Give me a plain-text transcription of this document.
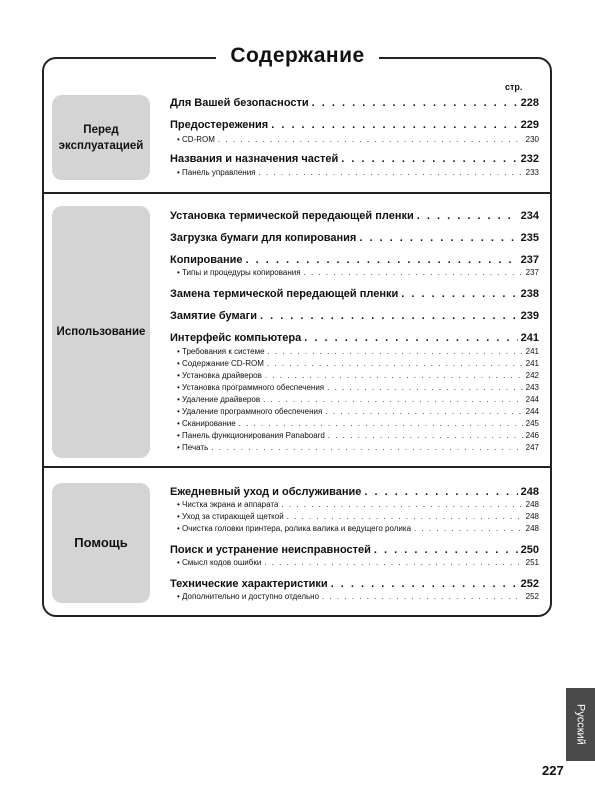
Содержание
стр.
Перед
эксплуатацией
Использование
Помощь
Для Вашей безопасности . . .	228
Предостережения . . .	229
• CD-ROM . . .	230
Названия и назначения частей . . .	232
• Панель управления . . .	233
Установка термической передающей пленки . . .	234
Загрузка бумаги для копирования . . .	235
Копирование . . .	237
• Типы и процедуры копирования . . .	237
Замена термической передающей пленки . . .	238
Замятие бумаги . . .	239
Интерфейс компьютера . . .	241
• Требования к системе . . .	241
• Содержание CD-ROM . . .	241
• Установка драйверов . . .	242
• Установка программного обеспечения . . .	243
• Удаление драйверов . . .	244
• Удаление программного обеспечения . . .	244
• Сканирование . . .	245
• Панель функционирования Panaboard . . .	246
• Печать . . .	247
Ежедневный уход и обслуживание . . .	248
• Чистка экрана и аппарата . . .	248
• Уход за стирающей щеткой . . .	248
• Очистка головки принтера, ролика валика и ведущего ролика . . .	248
Поиск и устранение неисправностей . . .	250
• Смысл кодов ошибки . . .	251
Технические характеристики . . .	252
• Дополнительно и доступно отдельно . . .	252
Русский
227
